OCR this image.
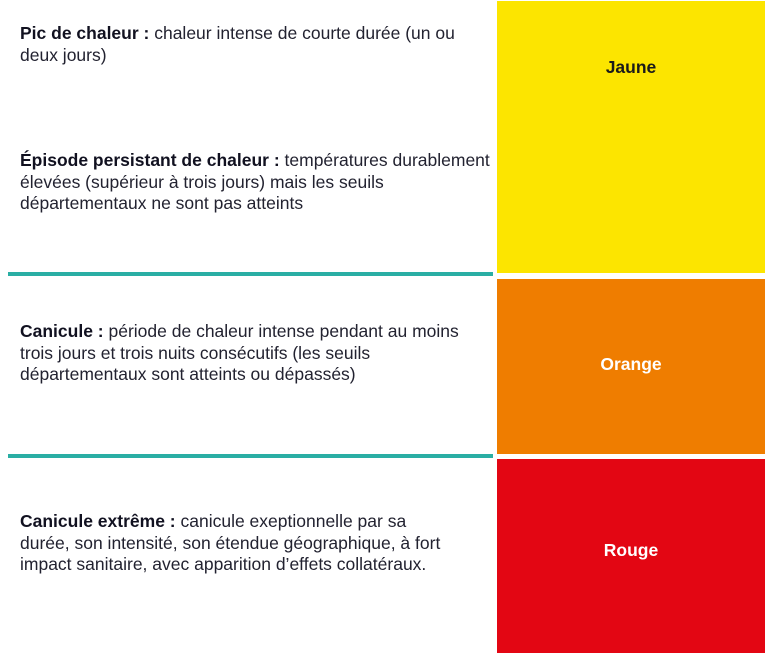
Pic de chaleur : chaleur intense de courte durée (un ou deux jours)

Épisode persistant de chaleur : températures durablement élevées (supérieur à trois jours) mais les seuils départementaux ne sont pas atteints

Canicule : période de chaleur intense pendant au moins trois jours et trois nuits consécutifs (les seuils départementaux sont atteints ou dépassés)

Canicule extrême : canicule exeptionnelle par sa durée, son intensité, son étendue géographique, à fort impact sanitaire, avec apparition d’effets collatéraux.

Jaune
Orange
Rouge
